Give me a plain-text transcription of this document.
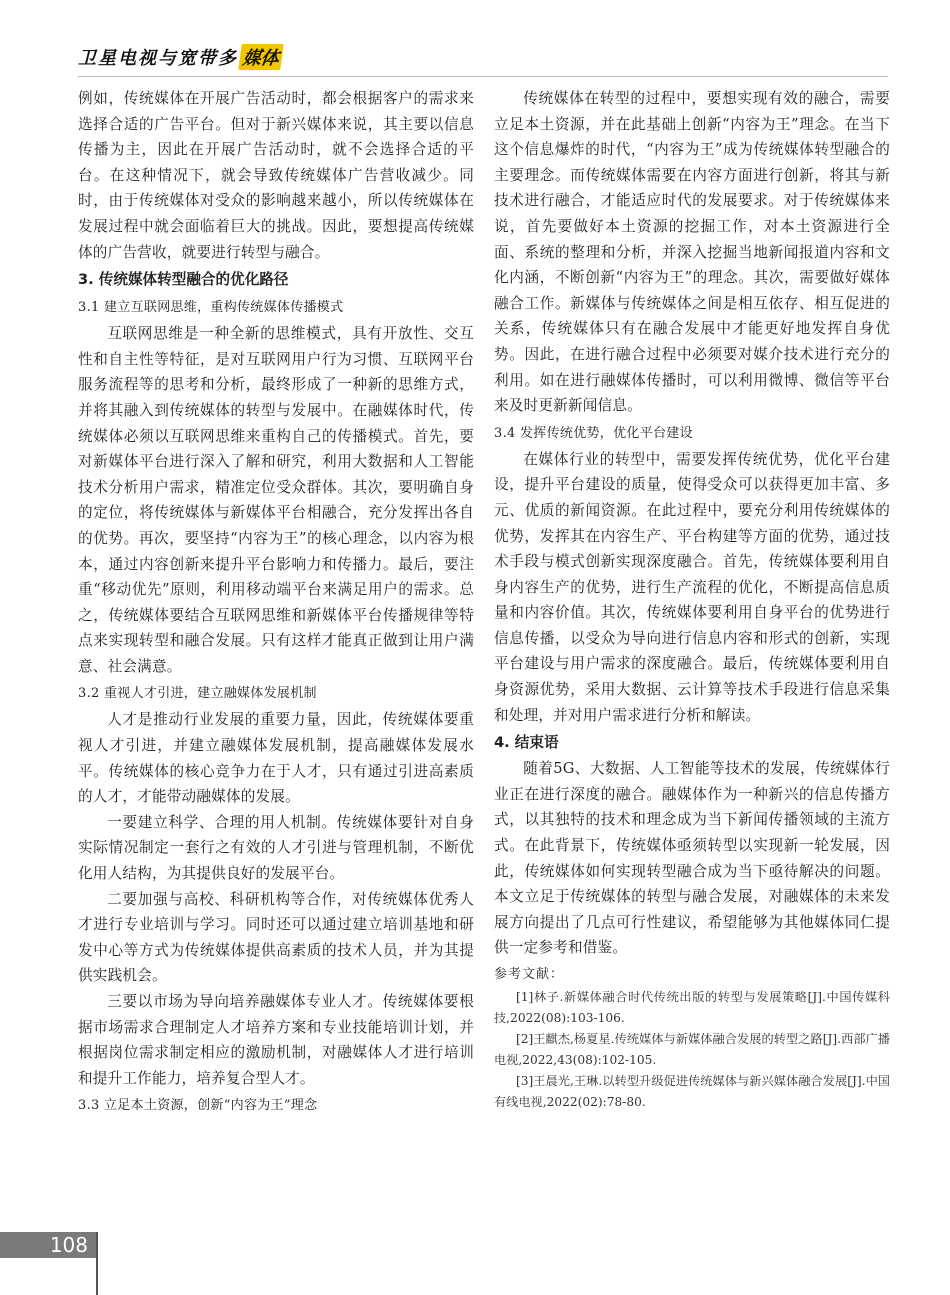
卫星电视与宽带多 媒体

例如，传统媒体在开展广告活动时，都会根据客户的需求来选择合适的广告平台。但对于新兴媒体来说，其主要以信息传播为主，因此在开展广告活动时，就不会选择合适的平台。在这种情况下，就会导致传统媒体广告营收减少。同时，由于传统媒体对受众的影响越来越小，所以传统媒体在发展过程中就会面临着巨大的挑战。因此，要想提高传统媒体的广告营收，就要进行转型与融合。

3. 传统媒体转型融合的优化路径
3.1 建立互联网思维，重构传统媒体传播模式

互联网思维是一种全新的思维模式，具有开放性、交互性和自主性等特征，是对互联网用户行为习惯、互联网平台服务流程等的思考和分析，最终形成了一种新的思维方式，并将其融入到传统媒体的转型与发展中。在融媒体时代，传统媒体必须以互联网思维来重构自己的传播模式。首先，要对新媒体平台进行深入了解和研究，利用大数据和人工智能技术分析用户需求，精准定位受众群体。其次，要明确自身的定位，将传统媒体与新媒体平台相融合，充分发挥出各自的优势。再次，要坚持“内容为王”的核心理念，以内容为根本，通过内容创新来提升平台影响力和传播力。最后，要注重“移动优先”原则，利用移动端平台来满足用户的需求。总之，传统媒体要结合互联网思维和新媒体平台传播规律等特点来实现转型和融合发展。只有这样才能真正做到让用户满意、社会满意。

3.2 重视人才引进，建立融媒体发展机制

人才是推动行业发展的重要力量，因此，传统媒体要重视人才引进，并建立融媒体发展机制，提高融媒体发展水平。传统媒体的核心竞争力在于人才，只有通过引进高素质的人才，才能带动融媒体的发展。

一要建立科学、合理的用人机制。传统媒体要针对自身实际情况制定一套行之有效的人才引进与管理机制，不断优化用人结构，为其提供良好的发展平台。

二要加强与高校、科研机构等合作，对传统媒体优秀人才进行专业培训与学习。同时还可以通过建立培训基地和研发中心等方式为传统媒体提供高素质的技术人员，并为其提供实践机会。

三要以市场为导向培养融媒体专业人才。传统媒体要根据市场需求合理制定人才培养方案和专业技能培训计划，并根据岗位需求制定相应的激励机制，对融媒体人才进行培训和提升工作能力，培养复合型人才。

3.3 立足本土资源，创新“内容为王”理念

传统媒体在转型的过程中，要想实现有效的融合，需要立足本土资源，并在此基础上创新“内容为王”理念。在当下这个信息爆炸的时代，“内容为王”成为传统媒体转型融合的主要理念。而传统媒体需要在内容方面进行创新，将其与新技术进行融合，才能适应时代的发展要求。对于传统媒体来说，首先要做好本土资源的挖掘工作，对本土资源进行全面、系统的整理和分析，并深入挖掘当地新闻报道内容和文化内涵，不断创新“内容为王”的理念。其次，需要做好媒体融合工作。新媒体与传统媒体之间是相互依存、相互促进的关系，传统媒体只有在融合发展中才能更好地发挥自身优势。因此，在进行融合过程中必须要对媒介技术进行充分的利用。如在进行融媒体传播时，可以利用微博、微信等平台来及时更新新闻信息。

3.4 发挥传统优势，优化平台建设

在媒体行业的转型中，需要发挥传统优势，优化平台建设，提升平台建设的质量，使得受众可以获得更加丰富、多元、优质的新闻资源。在此过程中，要充分利用传统媒体的优势，发挥其在内容生产、平台构建等方面的优势，通过技术手段与模式创新实现深度融合。首先，传统媒体要利用自身内容生产的优势，进行生产流程的优化，不断提高信息质量和内容价值。其次，传统媒体要利用自身平台的优势进行信息传播，以受众为导向进行信息内容和形式的创新，实现平台建设与用户需求的深度融合。最后，传统媒体要利用自身资源优势，采用大数据、云计算等技术手段进行信息采集和处理，并对用户需求进行分析和解读。

4. 结束语

随着5G、大数据、人工智能等技术的发展，传统媒体行业正在进行深度的融合。融媒体作为一种新兴的信息传播方式，以其独特的技术和理念成为当下新闻传播领域的主流方式。在此背景下，传统媒体亟须转型以实现新一轮发展，因此，传统媒体如何实现转型融合成为当下亟待解决的问题。本文立足于传统媒体的转型与融合发展，对融媒体的未来发展方向提出了几点可行性建议，希望能够为其他媒体同仁提供一定参考和借鉴。

参考文献：

[1]林子.新媒体融合时代传统出版的转型与发展策略[J].中国传媒科技,2022(08):103-106.

[2]王麒杰,杨夏星.传统媒体与新媒体融合发展的转型之路[J].西部广播电视,2022,43(08):102-105.

[3]王晨光,王琳.以转型升级促进传统媒体与新兴媒体融合发展[J].中国有线电视,2022(02):78-80.

108
